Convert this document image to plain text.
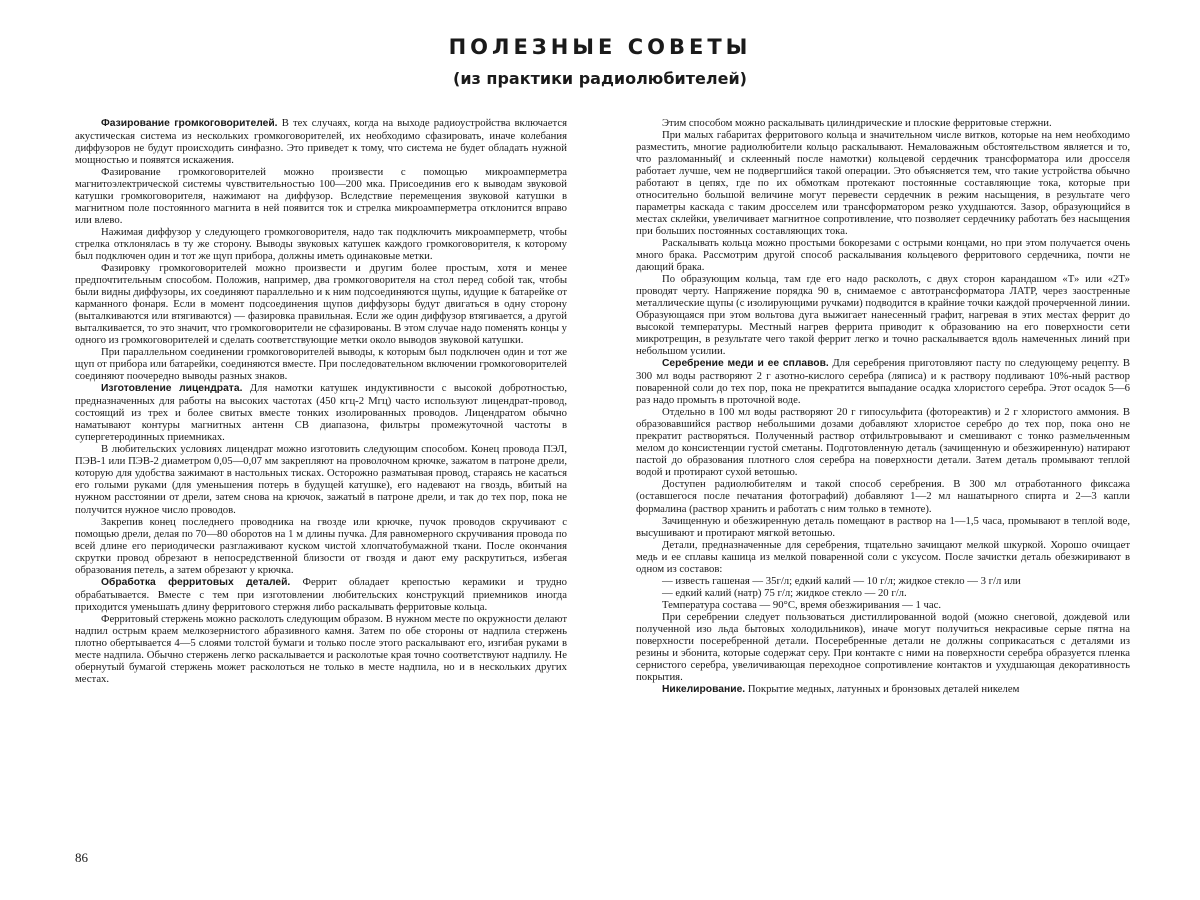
ПОЛЕЗНЫЕ СОВЕТЫ
(из практики радиолюбителей)

Фазирование громкоговорителей. В тех случаях, когда на выходе радиоустройства включается акустическая система из нескольких громкоговорителей, их необходимо сфазировать, иначе колебания диффузоров не будут происходить синфазно. Это приведет к тому, что система не будет обладать нужной мощностью и появятся искажения.

Фазирование громкоговорителей можно произвести с помощью микроамперметра магнитоэлектрической системы чувствительностью 100—200 мка. Присоединив его к выводам звуковой катушки громкоговорителя, нажимают на диффузор. Вследствие перемещения звуковой катушки в магнитном поле постоянного магнита в ней появится ток и стрелка микроамперметра отклонится вправо или влево.

Нажимая диффузор у следующего громкоговорителя, надо так подключить микроамперметр, чтобы стрелка отклонялась в ту же сторону. Выводы звуковых катушек каждого громкоговорителя, к которому был подключен один и тот же щуп прибора, должны иметь одинаковые метки.

Фазировку громкоговорителей можно произвести и другим более простым, хотя и менее предпочтительным способом. Положив, например, два громкоговорителя на стол перед собой так, чтобы были видны диффузоры, их соединяют параллельно и к ним подсоединяются щупы, идущие к батарейке от карманного фонаря. Если в момент подсоединения щупов диффузоры будут двигаться в одну сторону (выталкиваются или втягиваются) — фазировка правильная. Если же один диффузор втягивается, а другой выталкивается, то это значит, что громкоговорители не сфазированы. В этом случае надо поменять концы у одного из громкоговорителей и сделать соответствующие метки около выводов звуковой катушки.

При параллельном соединении громкоговорителей выводы, к которым был подключен один и тот же щуп от прибора или батарейки, соединяются вместе. При последовательном включении громкоговорителей соединяют поочередно выводы разных знаков.

Изготовление лицендрата. Для намотки катушек индуктивности с высокой добротностью, предназначенных для работы на высоких частотах (450 кгц-2 Мгц) часто используют лицендрат-провод, состоящий из трех и более свитых вместе тонких изолированных проводов. Лицендратом обычно наматывают контуры магнитных антенн СВ диапазона, фильтры промежуточной частоты в супергетеродинных приемниках.

В любительских условиях лицендрат можно изготовить следующим способом. Конец провода ПЭЛ, ПЭВ-1 или ПЭВ-2 диаметром 0,05—0,07 мм закрепляют на проволочном крючке, зажатом в патроне дрели, которую для удобства зажимают в настольных тисках. Осторожно разматывая провод, стараясь не касаться его голыми руками (для уменьшения потерь в будущей катушке), его надевают на гвоздь, вбитый на нужном расстоянии от дрели, затем снова на крючок, зажатый в патроне дрели, и так до тех пор, пока не получится нужное число проводов.

Закрепив конец последнего проводника на гвозде или крючке, пучок проводов скручивают с помощью дрели, делая по 70—80 оборотов на 1 м длины пучка. Для равномерного скручивания провода по всей длине его периодически разглаживают куском чистой хлопчатобумажной ткани. После окончания скрутки провод обрезают в непосредственной близости от гвоздя и дают ему раскрутиться, избегая образования петель, а затем обрезают у крючка.

Обработка ферритовых деталей. Феррит обладает крепостью керамики и трудно обрабатывается. Вместе с тем при изготовлении любительских конструкций приемников иногда приходится уменьшать длину ферритового стержня либо раскалывать ферритовые кольца.

Ферритовый стержень можно расколоть следующим образом. В нужном месте по окружности делают надпил острым краем мелкозернистого абразивного камня. Затем по обе стороны от надпила стержень плотно обертывается 4—5 слоями толстой бумаги и только после этого раскалывают его, изгибая руками в месте надпила. Обычно стержень легко раскалывается и расколотые края точно соответствуют надпилу. Не обернутый бумагой стержень может расколоться не только в месте надпила, но и в нескольких других местах.

Этим способом можно раскалывать цилиндрические и плоские ферритовые стержни.

При малых габаритах ферритового кольца и значительном числе витков, которые на нем необходимо разместить, многие радиолюбители кольцо раскалывают. Немаловажным обстоятельством является и то, что разломанный( и склеенный после намотки) кольцевой сердечник трансформатора или дросселя работает лучше, чем не подвергшийся такой операции. Это объясняется тем, что такие устройства обычно работают в цепях, где по их обмоткам протекают постоянные составляющие тока, которые при относительно большой величине могут перевести сердечник в режим насыщения, в результате чего параметры каскада с таким дросселем или трансформатором резко ухудшаются. Зазор, образующийся в местах склейки, увеличивает магнитное сопротивление, что позволяет сердечнику работать без насыщения при больших постоянных составляющих тока.

Раскалывать кольца можно простыми бокорезами с острыми концами, но при этом получается очень много брака. Рассмотрим другой способ раскалывания кольцевого ферритового сердечника, почти не дающий брака.

По образующим кольца, там где его надо расколоть, с двух сторон карандашом «Т» или «2Т» проводят черту. Напряжение порядка 90 в, снимаемое с автотрансформатора ЛАТР, через заостренные металлические щупы (с изолирующими ручками) подводится в крайние точки каждой прочерченной линии. Образующаяся при этом вольтова дуга выжигает нанесенный графит, нагревая в этих местах феррит до высокой температуры. Местный нагрев феррита приводит к образованию на его поверхности сети микротрещин, в результате чего такой феррит легко и точно раскалывается вдоль намеченных линий при небольшом усилии.

Серебрение меди и ее сплавов. Для серебрения приготовляют пасту по следующему рецепту. В 300 мл воды растворяют 2 г азотно-кислого серебра (ляписа) и к раствору подливают 10%-ный раствор поваренной соли до тех пор, пока не прекратится выпадание осадка хлористого серебра. Этот осадок 5—6 раз надо промыть в проточной воде.

Отдельно в 100 мл воды растворяют 20 г гипосульфита (фотореактив) и 2 г хлористого аммония. В образовавшийся раствор небольшими дозами добавляют хлористое серебро до тех пор, пока оно не прекратит растворяться. Полученный раствор отфильтровывают и смешивают с тонко размельченным мелом до консистенции густой сметаны. Подготовленную деталь (зачищенную и обезжиренную) натирают пастой до образования плотного слоя серебра на поверхности детали. Затем деталь промывают теплой водой и протирают сухой ветошью.

Доступен радиолюбителям и такой способ серебрения. В 300 мл отработанного фиксажа (оставшегося после печатания фотографий) добавляют 1—2 мл нашатырного спирта и 2—3 капли формалина (раствор хранить и работать с ним только в темноте).

Зачищенную и обезжиренную деталь помещают в раствор на 1—1,5 часа, промывают в теплой воде, высушивают и протирают мягкой ветошью.

Детали, предназначенные для серебрения, тщательно зачищают мелкой шкуркой. Хорошо очищает медь и ее сплавы кашица из мелкой поваренной соли с уксусом. После зачистки деталь обезжиривают в одном из составов:

— известь гашеная — 35г/л; едкий калий — 10 г/л; жидкое стекло — 3 г/л или

— едкий калий (натр) 75 г/л; жидкое стекло — 20 г/л.

Температура состава — 90°С, время обезжиривания — 1 час.

При серебрении следует пользоваться дистиллированной водой (можно снеговой, дождевой или полученной изо льда бытовых холодильников), иначе могут получиться некрасивые серые пятна на поверхности посеребренной детали. Посеребренные детали не должны соприкасаться с деталями из резины и эбонита, которые содержат серу. При контакте с ними на поверхности серебра образуется пленка сернистого серебра, увеличивающая переходное сопротивление контактов и ухудшающая декоративность покрытия.

Никелирование. Покрытие медных, латунных и бронзовых деталей никелем

86
